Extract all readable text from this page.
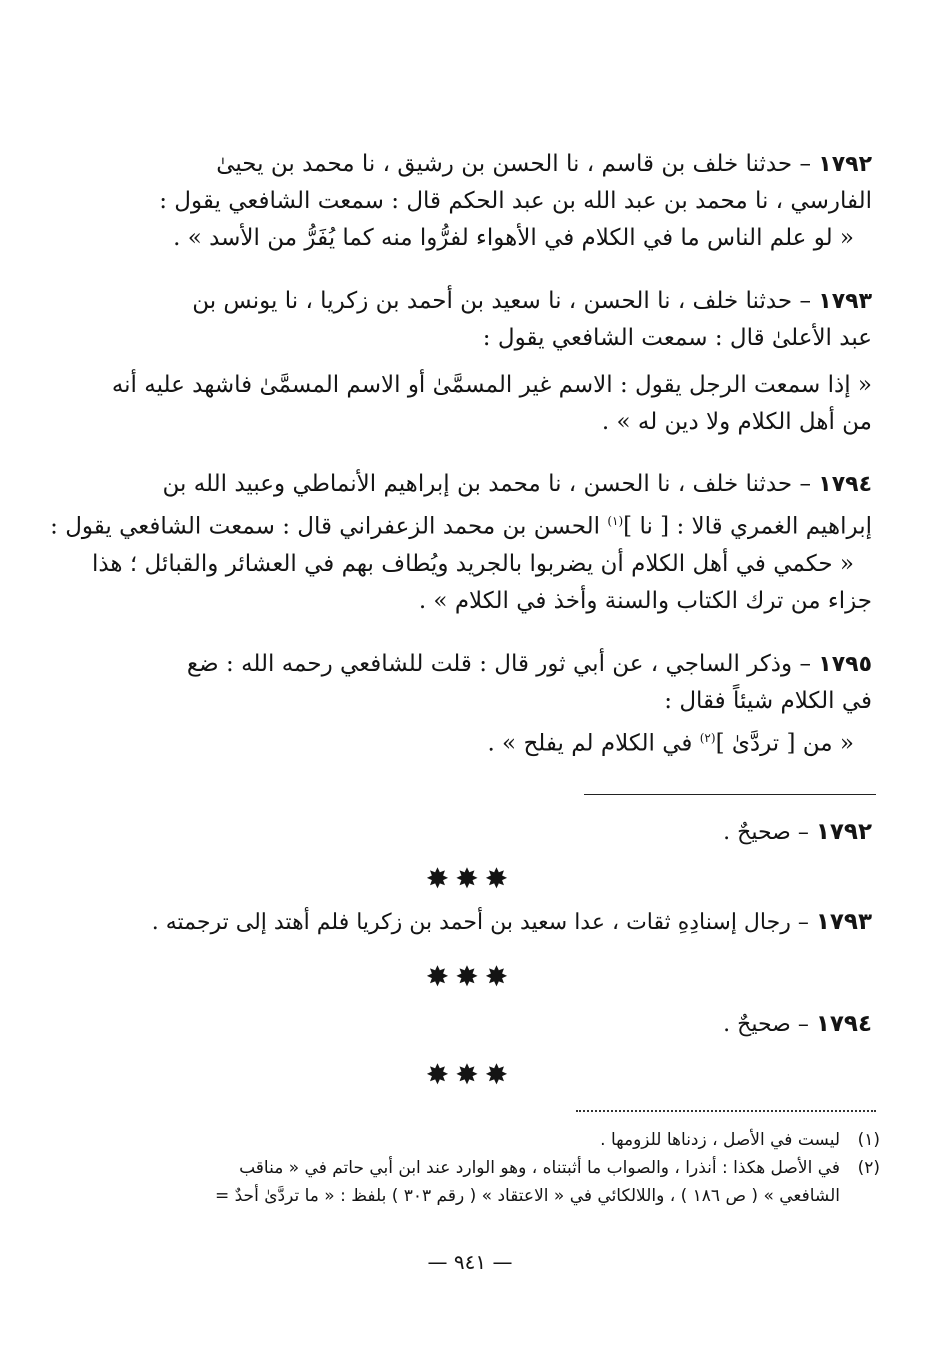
١٧٩٢ – حدثنا خلف بن قاسم ، نا الحسن بن رشيق ، نا محمد بن يحيىٰ
الفارسي ، نا محمد بن عبد الله بن عبد الحكم قال : سمعت الشافعي يقول :
« لو علم الناس ما في الكلام في الأهواء لفرُّوا منه كما يُفَرُّ من الأسد » .
١٧٩٣ – حدثنا خلف ، نا الحسن ، نا سعيد بن أحمد بن زكريا ، نا يونس بن
عبد الأعلىٰ قال : سمعت الشافعي يقول :
« إذا سمعت الرجل يقول : الاسم غير المسمَّىٰ أو الاسم المسمَّىٰ فاشهد عليه أنه
من أهل الكلام ولا دين له » .
١٧٩٤ – حدثنا خلف ، نا الحسن ، نا محمد بن إبراهيم الأنماطي وعبيد الله بن
إبراهيم الغمري قالا : [ نا ]$^{(١)}$ الحسن بن محمد الزعفراني قال : سمعت الشافعي يقول :
« حكمي في أهل الكلام أن يضربوا بالجريد ويُطاف بهم في العشائر والقبائل ؛ هذا
جزاء من ترك الكتاب والسنة وأخذ في الكلام » .
١٧٩٥ – وذكر الساجي ، عن أبي ثور قال : قلت للشافعي رحمه الله : ضع
في الكلام شيئاً فقال :
« من [ تردَّىٰ ]$^{(٢)}$ في الكلام لم يفلح » .
١٧٩٢ – صحيحٌ .
✸✸✸
١٧٩٣ – رجال إسنادِهِ ثقات ، عدا سعيد بن أحمد بن زكريا فلم أهتد إلى ترجمته .
✸✸✸
١٧٩٤ – صحيحٌ .
✸✸✸
(١)
ليست في الأصل ، زدناها للزومها .
(٢)
في الأصل هكذا : أنذرا ، والصواب ما أثبتناه ، وهو الوارد عند ابن أبي حاتم في « مناقب
الشافعي » ( ص ١٨٦ ) ، واللالكائي في « الاعتقاد » ( رقم ٣٠٣ ) بلفظ : « ما تردَّىٰ أحدٌ =
— ٩٤١ —
